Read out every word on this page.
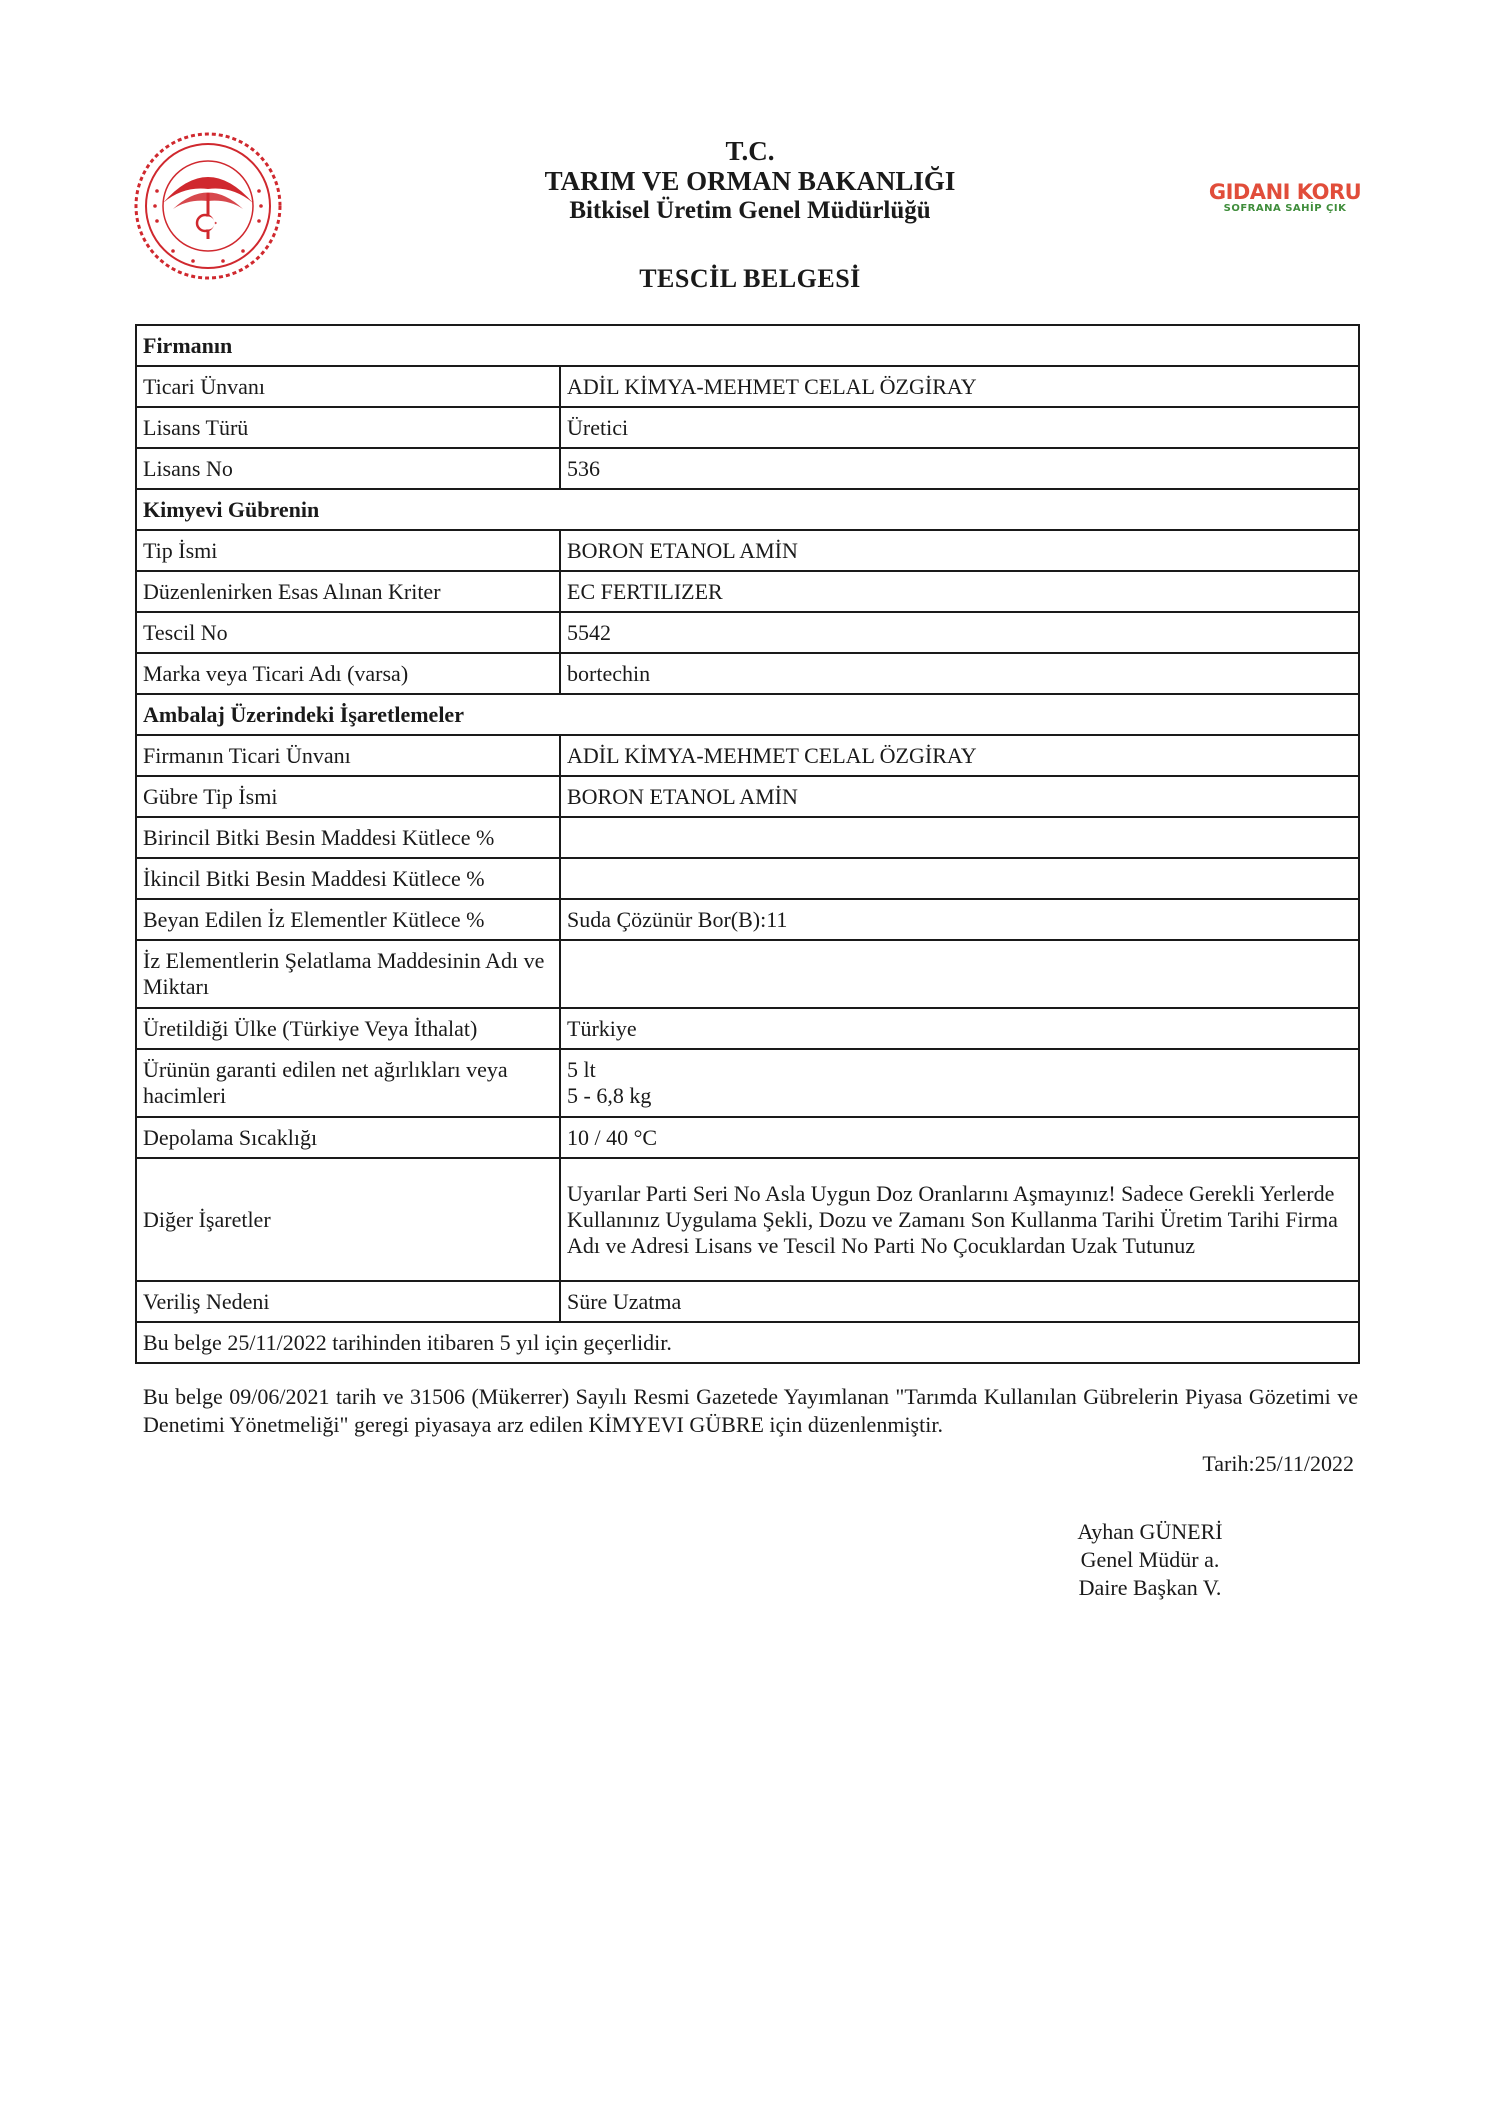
T.C.
TARIM VE ORMAN BAKANLIĞI
Bitkisel Üretim Genel Müdürlüğü
TESCİL BELGESİ
GIDANI KORU
SOFRANA SAHİP ÇIK
Firmanın	
Ticari Ünvanı	ADİL KİMYA-MEHMET CELAL ÖZGİRAY
Lisans Türü	Üretici
Lisans No	536
Kimyevi Gübrenin	
Tip İsmi	BORON ETANOL AMİN
Düzenlenirken Esas Alınan Kriter	EC FERTILIZER
Tescil No	5542
Marka veya Ticari Adı (varsa)	bortechin
Ambalaj Üzerindeki İşaretlemeler	
Firmanın Ticari Ünvanı	ADİL KİMYA-MEHMET CELAL ÖZGİRAY
Gübre Tip İsmi	BORON ETANOL AMİN
Birincil Bitki Besin Maddesi Kütlece %	
İkincil Bitki Besin Maddesi Kütlece %	
Beyan Edilen İz Elementler Kütlece %	Suda Çözünür Bor(B):11
İz Elementlerin Şelatlama Maddesinin Adı ve Miktarı	
Üretildiği Ülke (Türkiye Veya İthalat)	Türkiye
Ürünün garanti edilen net ağırlıkları veya hacimleri	5 lt
5 - 6,8 kg

Depolama Sıcaklığı	10 / 40 °C
Diğer İşaretler	Uyarılar Parti Seri No Asla Uygun Doz Oranlarını Aşmayınız! Sadece Gerekli Yerlerde Kullanınız Uygulama Şekli, Dozu ve Zamanı Son Kullanma Tarihi Üretim Tarihi Firma Adı ve Adresi Lisans ve Tescil No Parti No Çocuklardan Uzak Tutunuz
Veriliş Nedeni	Süre Uzatma
Bu belge 25/11/2022 tarihinden itibaren 5 yıl için geçerlidir.	
Bu belge 09/06/2021 tarih ve 31506 (Mükerrer) Sayılı Resmi Gazetede Yayımlanan "Tarımda Kullanılan Gübrelerin Piyasa Gözetimi ve Denetimi Yönetmeliği" geregi piyasaya arz edilen KİMYEVI GÜBRE için düzenlenmiştir.
Tarih:25/11/2022
Ayhan GÜNERİ
Genel Müdür a.
Daire Başkan V.
